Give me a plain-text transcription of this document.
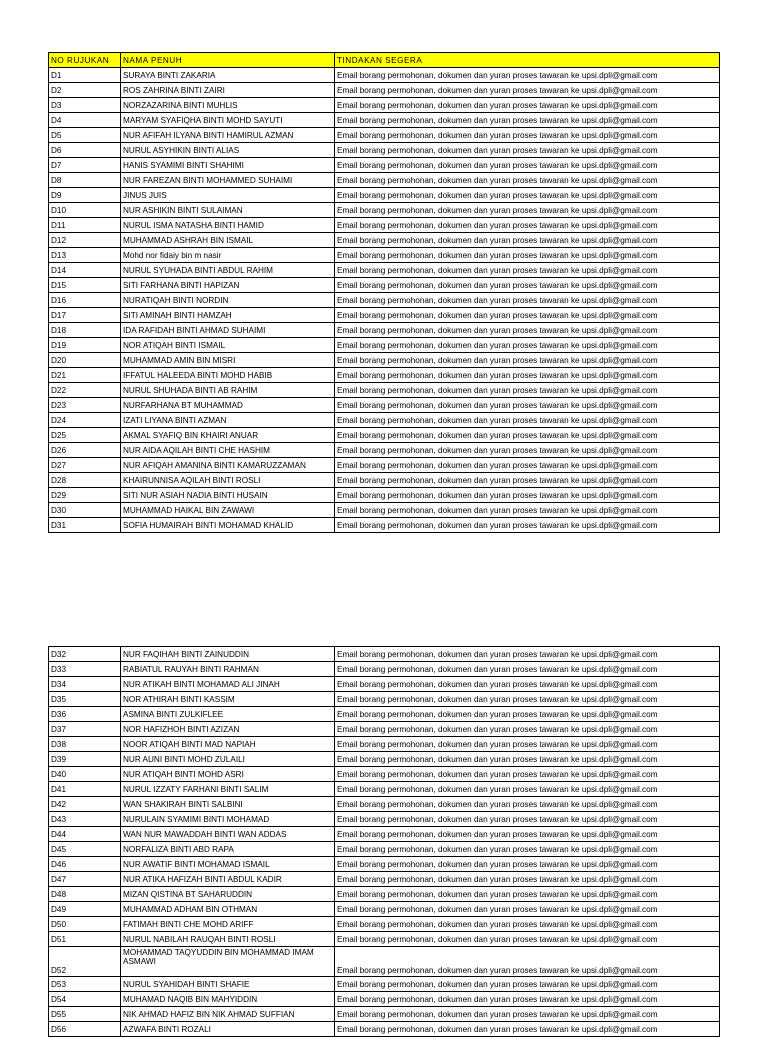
NO RUJUKAN	NAMA PENUH	TINDAKAN SEGERA
D1	SURAYA BINTI ZAKARIA	Email borang permohonan, dokumen dan yuran proses tawaran ke upsi.dpli@gmail.com
D2	ROS ZAHRINA BINTI ZAIRI	Email borang permohonan, dokumen dan yuran proses tawaran ke upsi.dpli@gmail.com
D3	NORZAZARINA BINTI MUHLIS	Email borang permohonan, dokumen dan yuran proses tawaran ke upsi.dpli@gmail.com
D4	MARYAM SYAFIQHA BINTI MOHD SAYUTI	Email borang permohonan, dokumen dan yuran proses tawaran ke upsi.dpli@gmail.com
D5	NUR AFIFAH ILYANA BINTI HAMIRUL AZMAN	Email borang permohonan, dokumen dan yuran proses tawaran ke upsi.dpli@gmail.com
D6	NURUL ASYHIKIN BINTI ALIAS	Email borang permohonan, dokumen dan yuran proses tawaran ke upsi.dpli@gmail.com
D7	HANIS SYAMIMI BINTI SHAHIMI	Email borang permohonan, dokumen dan yuran proses tawaran ke upsi.dpli@gmail.com
D8	NUR FAREZAN BINTI MOHAMMED SUHAIMI	Email borang permohonan, dokumen dan yuran proses tawaran ke upsi.dpli@gmail.com
D9	JINUS JUIS	Email borang permohonan, dokumen dan yuran proses tawaran ke upsi.dpli@gmail.com
D10	NUR ASHIKIN BINTI SULAIMAN	Email borang permohonan, dokumen dan yuran proses tawaran ke upsi.dpli@gmail.com
D11	NURUL ISMA NATASHA BINTI HAMID	Email borang permohonan, dokumen dan yuran proses tawaran ke upsi.dpli@gmail.com
D12	MUHAMMAD ASHRAH BIN ISMAIL	Email borang permohonan, dokumen dan yuran proses tawaran ke upsi.dpli@gmail.com
D13	Mohd nor fidaiy bin m nasir	Email borang permohonan, dokumen dan yuran proses tawaran ke upsi.dpli@gmail.com
D14	NURUL SYUHADA BINTI ABDUL RAHIM	Email borang permohonan, dokumen dan yuran proses tawaran ke upsi.dpli@gmail.com
D15	SITI FARHANA BINTI HAPIZAN	Email borang permohonan, dokumen dan yuran proses tawaran ke upsi.dpli@gmail.com
D16	NURATIQAH BINTI NORDIN	Email borang permohonan, dokumen dan yuran proses tawaran ke upsi.dpli@gmail.com
D17	SITI AMINAH BINTI HAMZAH	Email borang permohonan, dokumen dan yuran proses tawaran ke upsi.dpli@gmail.com
D18	IDA RAFIDAH BINTI AHMAD SUHAIMI	Email borang permohonan, dokumen dan yuran proses tawaran ke upsi.dpli@gmail.com
D19	NOR ATIQAH BINTI ISMAIL	Email borang permohonan, dokumen dan yuran proses tawaran ke upsi.dpli@gmail.com
D20	MUHAMMAD AMIN BIN MISRI	Email borang permohonan, dokumen dan yuran proses tawaran ke upsi.dpli@gmail.com
D21	IFFATUL HALEEDA BINTI MOHD HABIB	Email borang permohonan, dokumen dan yuran proses tawaran ke upsi.dpli@gmail.com
D22	NURUL SHUHADA BINTI AB RAHIM	Email borang permohonan, dokumen dan yuran proses tawaran ke upsi.dpli@gmail.com
D23	NURFARHANA BT MUHAMMAD	Email borang permohonan, dokumen dan yuran proses tawaran ke upsi.dpli@gmail.com
D24	IZATI LIYANA BINTI AZMAN	Email borang permohonan, dokumen dan yuran proses tawaran ke upsi.dpli@gmail.com
D25	AKMAL SYAFIQ BIN KHAIRI ANUAR	Email borang permohonan, dokumen dan yuran proses tawaran ke upsi.dpli@gmail.com
D26	NUR AIDA AQILAH BINTI CHE HASHIM	Email borang permohonan, dokumen dan yuran proses tawaran ke upsi.dpli@gmail.com
D27	NUR AFIQAH AMANINA BINTI KAMARUZZAMAN	Email borang permohonan, dokumen dan yuran proses tawaran ke upsi.dpli@gmail.com
D28	KHAIRUNNISA AQILAH BINTI ROSLI	Email borang permohonan, dokumen dan yuran proses tawaran ke upsi.dpli@gmail.com
D29	SITI NUR ASIAH NADIA BINTI HUSAIN	Email borang permohonan, dokumen dan yuran proses tawaran ke upsi.dpli@gmail.com
D30	MUHAMMAD HAIKAL BIN ZAWAWI	Email borang permohonan, dokumen dan yuran proses tawaran ke upsi.dpli@gmail.com
D31	SOFIA HUMAIRAH BINTI MOHAMAD KHALID	Email borang permohonan, dokumen dan yuran proses tawaran ke upsi.dpli@gmail.com
D32	NUR FAQIHAH BINTI ZAINUDDIN	Email borang permohonan, dokumen dan yuran proses tawaran ke upsi.dpli@gmail.com
D33	RABIATUL RAUYAH BINTI RAHMAN	Email borang permohonan, dokumen dan yuran proses tawaran ke upsi.dpli@gmail.com
D34	NUR ATIKAH BINTI MOHAMAD ALI JINAH	Email borang permohonan, dokumen dan yuran proses tawaran ke upsi.dpli@gmail.com
D35	NOR ATHIRAH BINTI KASSIM	Email borang permohonan, dokumen dan yuran proses tawaran ke upsi.dpli@gmail.com
D36	ASMINA BINTI ZULKIFLEE	Email borang permohonan, dokumen dan yuran proses tawaran ke upsi.dpli@gmail.com
D37	NOR HAFIZHOH BINTI AZIZAN	Email borang permohonan, dokumen dan yuran proses tawaran ke upsi.dpli@gmail.com
D38	NOOR ATIQAH BINTI MAD NAPIAH	Email borang permohonan, dokumen dan yuran proses tawaran ke upsi.dpli@gmail.com
D39	NUR AUNI BINTI MOHD ZULAILI	Email borang permohonan, dokumen dan yuran proses tawaran ke upsi.dpli@gmail.com
D40	NUR ATIQAH BINTI MOHD ASRI	Email borang permohonan, dokumen dan yuran proses tawaran ke upsi.dpli@gmail.com
D41	NURUL IZZATY FARHANI BINTI SALIM	Email borang permohonan, dokumen dan yuran proses tawaran ke upsi.dpli@gmail.com
D42	WAN SHAKIRAH BINTI SALBINI	Email borang permohonan, dokumen dan yuran proses tawaran ke upsi.dpli@gmail.com
D43	NURULAIN SYAMIMI BINTI MOHAMAD	Email borang permohonan, dokumen dan yuran proses tawaran ke upsi.dpli@gmail.com
D44	WAN NUR MAWADDAH BINTI WAN ADDAS	Email borang permohonan, dokumen dan yuran proses tawaran ke upsi.dpli@gmail.com
D45	NORFALIZA BINTI ABD RAPA	Email borang permohonan, dokumen dan yuran proses tawaran ke upsi.dpli@gmail.com
D46	NUR AWATIF BINTI MOHAMAD ISMAIL	Email borang permohonan, dokumen dan yuran proses tawaran ke upsi.dpli@gmail.com
D47	NUR ATIKA HAFIZAH BINTI ABDUL KADIR	Email borang permohonan, dokumen dan yuran proses tawaran ke upsi.dpli@gmail.com
D48	MIZAN QISTINA BT SAHARUDDIN	Email borang permohonan, dokumen dan yuran proses tawaran ke upsi.dpli@gmail.com
D49	MUHAMMAD ADHAM BIN OTHMAN	Email borang permohonan, dokumen dan yuran proses tawaran ke upsi.dpli@gmail.com
D50	FATIMAH BINTI CHE MOHD ARIFF	Email borang permohonan, dokumen dan yuran proses tawaran ke upsi.dpli@gmail.com
D51	NURUL NABILAH RAUQAH BINTI ROSLI	Email borang permohonan, dokumen dan yuran proses tawaran ke upsi.dpli@gmail.com
D52	MOHAMMAD TAQYUDDIN BIN MOHAMMAD IMAM ASMAWI	Email borang permohonan, dokumen dan yuran proses tawaran ke upsi.dpli@gmail.com
D53	NURUL SYAHIDAH BINTI SHAFIE	Email borang permohonan, dokumen dan yuran proses tawaran ke upsi.dpli@gmail.com
D54	MUHAMAD NAQIB BIN MAHYIDDIN	Email borang permohonan, dokumen dan yuran proses tawaran ke upsi.dpli@gmail.com
D55	NIK AHMAD HAFIZ BIN NIK AHMAD SUFFIAN	Email borang permohonan, dokumen dan yuran proses tawaran ke upsi.dpli@gmail.com
D56	AZWAFA BINTI ROZALI	Email borang permohonan, dokumen dan yuran proses tawaran ke upsi.dpli@gmail.com
